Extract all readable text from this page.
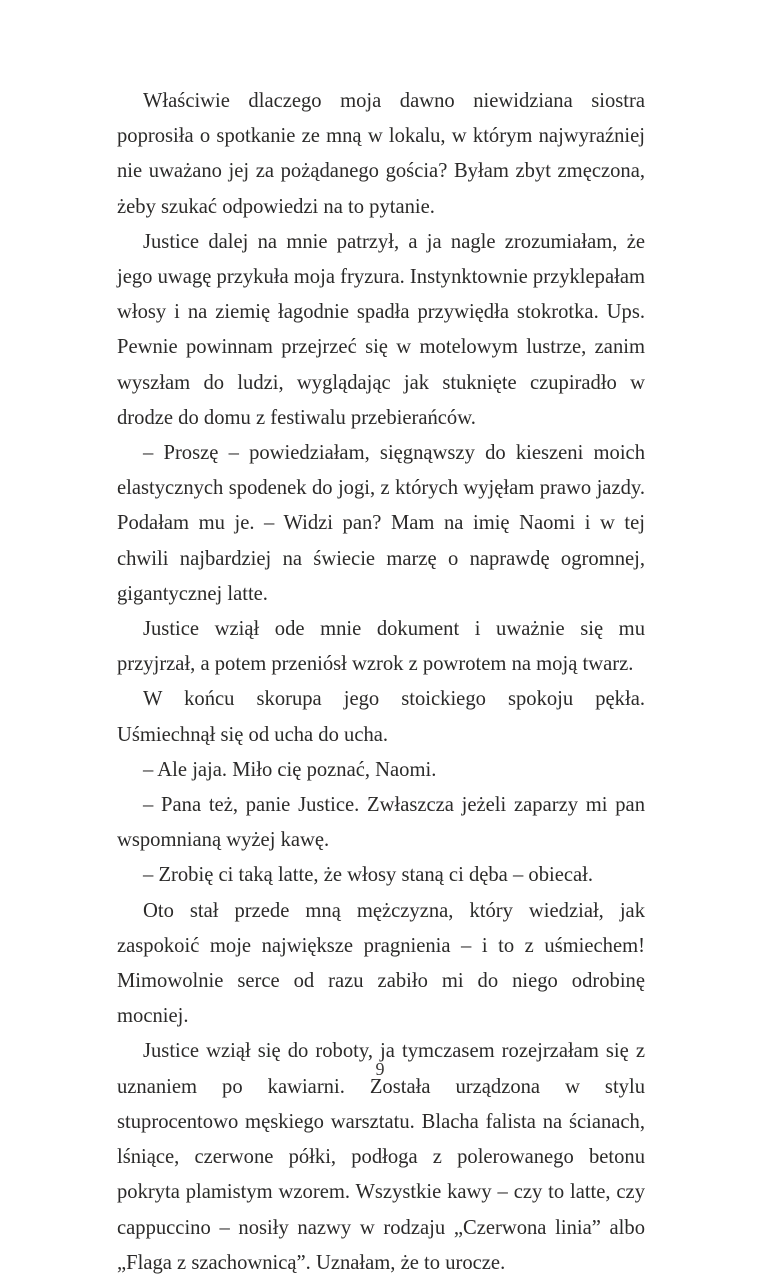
Właściwie dlaczego moja dawno niewidziana siostra poprosiła o spotkanie ze mną w lokalu, w którym najwyraźniej nie uważano jej za pożądanego gościa? Byłam zbyt zmęczona, żeby szukać odpowiedzi na to pytanie.

Justice dalej na mnie patrzył, a ja nagle zrozumiałam, że jego uwagę przykuła moja fryzura. Instynktownie przyklepałam włosy i na ziemię łagodnie spadła przywiędła stokrotka. Ups. Pewnie powinnam przejrzeć się w motelowym lustrze, zanim wyszłam do ludzi, wyglądając jak stuknięte czupiradło w drodze do domu z festiwalu przebierańców.

– Proszę – powiedziałam, sięgnąwszy do kieszeni moich elastycznych spodenek do jogi, z których wyjęłam prawo jazdy. Podałam mu je. – Widzi pan? Mam na imię Naomi i w tej chwili najbardziej na świecie marzę o naprawdę ogromnej, gigantycznej latte.

Justice wziął ode mnie dokument i uważnie się mu przyjrzał, a potem przeniósł wzrok z powrotem na moją twarz.

W końcu skorupa jego stoickiego spokoju pękła. Uśmiechnął się od ucha do ucha.

– Ale jaja. Miło cię poznać, Naomi.

– Pana też, panie Justice. Zwłaszcza jeżeli zaparzy mi pan wspomnianą wyżej kawę.

– Zrobię ci taką latte, że włosy staną ci dęba – obiecał.

Oto stał przede mną mężczyzna, który wiedział, jak zaspokoić moje największe pragnienia – i to z uśmiechem! Mimowolnie serce od razu zabiło mi do niego odrobinę mocniej.

Justice wziął się do roboty, ja tymczasem rozejrzałam się z uznaniem po kawiarni. Została urządzona w stylu stuprocentowo męskiego warsztatu. Blacha falista na ścianach, lśniące, czerwone półki, podłoga z polerowanego betonu pokryta plamistym wzorem. Wszystkie kawy – czy to latte, czy cappuccino – nosiły nazwy w rodzaju „Czerwona linia” albo „Flaga z szachownicą”. Uznałam, że to urocze.

9
